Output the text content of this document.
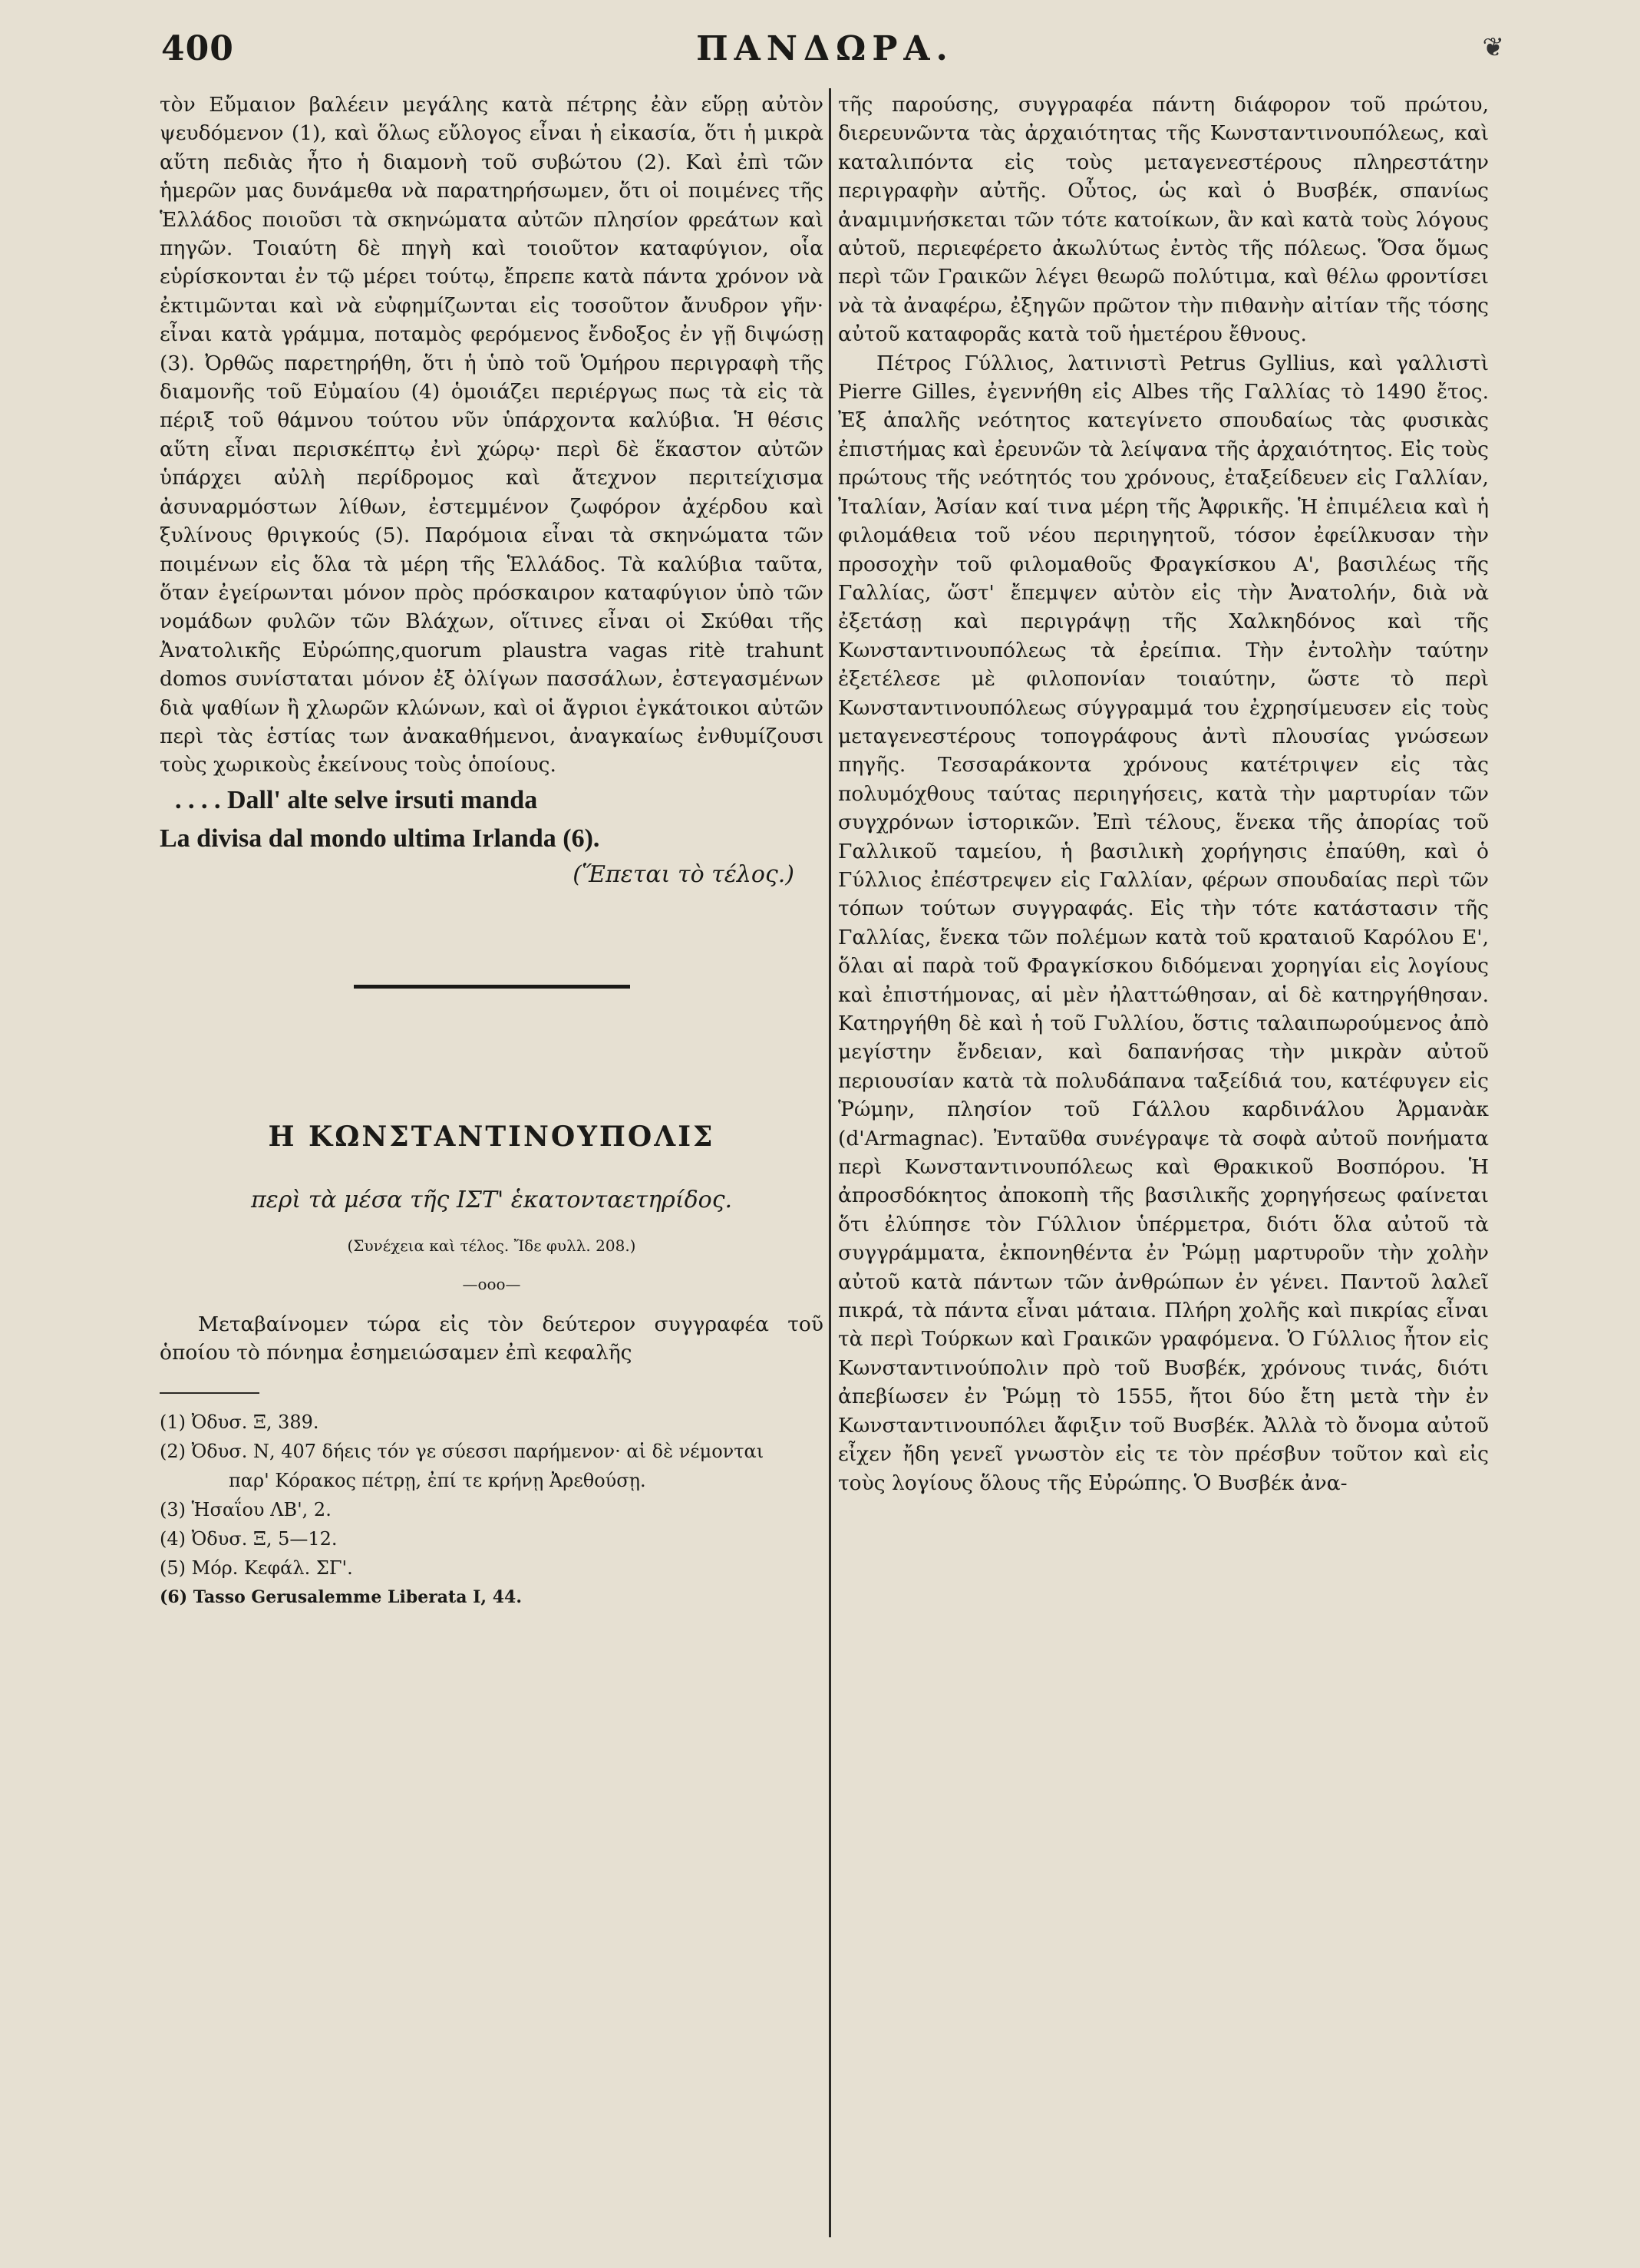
400	ΠΑΝΔΩΡΑ.	❦

τὸν Εὔμαιον βαλέειν μεγάλης κατὰ πέτρης ἐὰν εὕρῃ αὐτὸν ψευδόμενον (1), καὶ ὅλως εὔλογος εἶναι ἡ εἰκασία, ὅτι ἡ μικρὰ αὕτη πεδιὰς ἦτο ἡ διαμονὴ τοῦ συβώτου (2). Καὶ ἐπὶ τῶν ἡμερῶν μας δυνάμεθα νὰ παρατηρήσωμεν, ὅτι οἱ ποιμένες τῆς Ἑλλάδος ποιοῦσι τὰ σκηνώματα αὐτῶν πλησίον φρεάτων καὶ πηγῶν. Τοιαύτη δὲ πηγὴ καὶ τοιοῦτον καταφύγιον, οἷα εὑρίσκονται ἐν τῷ μέρει τούτῳ, ἔπρεπε κατὰ πάντα χρόνον νὰ ἐκτιμῶνται καὶ νὰ εὐφημίζωνται εἰς τοσοῦτον ἄνυδρον γῆν· εἶναι κατὰ γράμμα, ποταμὸς φερόμενος ἔνδοξος ἐν γῇ διψώσῃ (3). Ὀρθῶς παρετηρήθη, ὅτι ἡ ὑπὸ τοῦ Ὁμήρου περιγραφὴ τῆς διαμονῆς τοῦ Εὐμαίου (4) ὁμοιάζει περιέργως πως τὰ εἰς τὰ πέριξ τοῦ θάμνου τούτου νῦν ὑπάρχοντα καλύβια. Ἡ θέσις αὕτη εἶναι περισκέπτῳ ἐνὶ χώρῳ· περὶ δὲ ἕκαστον αὐτῶν ὑπάρχει αὐλὴ περίδρομος καὶ ἄτεχνον περιτείχισμα ἀσυναρμόστων λίθων, ἐστεμμένον ζωφόρον ἀχέρδου καὶ ξυλίνους θριγκούς (5). Παρόμοια εἶναι τὰ σκηνώματα τῶν ποιμένων εἰς ὅλα τὰ μέρη τῆς Ἑλλάδος. Τὰ καλύβια ταῦτα, ὅταν ἐγείρωνται μόνον πρὸς πρόσκαιρον καταφύγιον ὑπὸ τῶν νομάδων φυλῶν τῶν Βλάχων, οἵτινες εἶναι οἱ Σκύθαι τῆς Ἀνατολικῆς Εὐρώπης,quorum plaustra vagas ritè trahunt domos συνίσταται μόνον ἐξ ὀλίγων πασσάλων, ἐστεγασμένων διὰ ψαθίων ἢ χλωρῶν κλώνων, καὶ οἱ ἄγριοι ἐγκάτοικοι αὐτῶν περὶ τὰς ἑστίας των ἀνακαθήμενοι, ἀναγκαίως ἐνθυμίζουσι τοὺς χωρικοὺς ἐκείνους τοὺς ὁποίους.

. . . . Dall' alte selve irsuti manda

La divisa dal mondo ultima Irlanda (6).

(Ἕπεται τὸ τέλος.)

Η ΚΩΝΣΤΑΝΤΙΝΟΥΠΟΛΙΣ

περὶ τὰ μέσα τῆς ΙΣΤ' ἑκατονταετηρίδος.

(Συνέχεια καὶ τέλος. Ἴδε φυλλ. 208.)

—ooo—

Μεταβαίνομεν τώρα εἰς τὸν δεύτερον συγγραφέα τοῦ ὁποίου τὸ πόνημα ἐσημειώσαμεν ἐπὶ κεφαλῆς

(1) Ὀδυσ. Ξ, 389.

(2) Ὀδυσ. Ν, 407 δήεις τόν γε σύεσσι παρήμενον· αἱ δὲ νέμονται

παρ' Κόρακος πέτρῃ, ἐπί τε κρήνῃ Ἀρεθούσῃ.

(3) Ἡσαΐου ΛΒ', 2.

(4) Ὀδυσ. Ξ, 5—12.

(5) Μόρ. Κεφάλ. ΣΓ'.

(6) Tasso Gerusalemme Liberata I, 44.

τῆς παρούσης, συγγραφέα πάντη διάφορον τοῦ πρώτου, διερευνῶντα τὰς ἀρχαιότητας τῆς Κωνσταντινουπόλεως, καὶ καταλιπόντα εἰς τοὺς μεταγενεστέρους πληρεστάτην περιγραφὴν αὐτῆς. Οὗτος, ὡς καὶ ὁ Βυσβέκ, σπανίως ἀναμιμνήσκεται τῶν τότε κατοίκων, ἂν καὶ κατὰ τοὺς λόγους αὐτοῦ, περιεφέρετο ἀκωλύτως ἐντὸς τῆς πόλεως. Ὅσα ὅμως περὶ τῶν Γραικῶν λέγει θεωρῶ πολύτιμα, καὶ θέλω φροντίσει νὰ τὰ ἀναφέρω, ἐξηγῶν πρῶτον τὴν πιθανὴν αἰτίαν τῆς τόσης αὐτοῦ καταφορᾶς κατὰ τοῦ ἡμετέρου ἔθνους.

Πέτρος Γύλλιος, λατινιστὶ Petrus Gyllius, καὶ γαλλιστὶ Pierre Gilles, ἐγεννήθη εἰς Albes τῆς Γαλλίας τὸ 1490 ἔτος. Ἐξ ἁπαλῆς νεότητος κατεγίνετο σπουδαίως τὰς φυσικὰς ἐπιστήμας καὶ ἐρευνῶν τὰ λείψανα τῆς ἀρχαιότητος. Εἰς τοὺς πρώτους τῆς νεότητός του χρόνους, ἐταξείδευεν εἰς Γαλλίαν, Ἰταλίαν, Ἀσίαν καί τινα μέρη τῆς Ἀφρικῆς. Ἡ ἐπιμέλεια καὶ ἡ φιλομάθεια τοῦ νέου περιηγητοῦ, τόσον ἐφείλκυσαν τὴν προσοχὴν τοῦ φιλομαθοῦς Φραγκίσκου Α', βασιλέως τῆς Γαλλίας, ὥστ' ἔπεμψεν αὐτὸν εἰς τὴν Ἀνατολήν, διὰ νὰ ἐξετάσῃ καὶ περιγράψῃ τῆς Χαλκηδόνος καὶ τῆς Κωνσταντινουπόλεως τὰ ἐρείπια. Τὴν ἐντολὴν ταύτην ἐξετέλεσε μὲ φιλοπονίαν τοιαύτην, ὥστε τὸ περὶ Κωνσταντινουπόλεως σύγγραμμά του ἐχρησίμευσεν εἰς τοὺς μεταγενεστέρους τοπογράφους ἀντὶ πλουσίας γνώσεων πηγῆς. Τεσσαράκοντα χρόνους κατέτριψεν εἰς τὰς πολυμόχθους ταύτας περιηγήσεις, κατὰ τὴν μαρτυρίαν τῶν συγχρόνων ἱστορικῶν. Ἐπὶ τέλους, ἕνεκα τῆς ἀπορίας τοῦ Γαλλικοῦ ταμείου, ἡ βασιλικὴ χορήγησις ἐπαύθη, καὶ ὁ Γύλλιος ἐπέστρεψεν εἰς Γαλλίαν, φέρων σπουδαίας περὶ τῶν τόπων τούτων συγγραφάς. Εἰς τὴν τότε κατάστασιν τῆς Γαλλίας, ἕνεκα τῶν πολέμων κατὰ τοῦ κραταιοῦ Καρόλου Ε', ὅλαι αἱ παρὰ τοῦ Φραγκίσκου διδόμεναι χορηγίαι εἰς λογίους καὶ ἐπιστήμονας, αἱ μὲν ἠλαττώθησαν, αἱ δὲ κατηργήθησαν. Κατηργήθη δὲ καὶ ἡ τοῦ Γυλλίου, ὅστις ταλαιπωρούμενος ἀπὸ μεγίστην ἔνδειαν, καὶ δαπανήσας τὴν μικρὰν αὐτοῦ περιουσίαν κατὰ τὰ πολυδάπανα ταξείδιά του, κατέφυγεν εἰς Ῥώμην, πλησίον τοῦ Γάλλου καρδινάλου Ἀρμανὰκ (d'Armagnac). Ἐνταῦθα συνέγραψε τὰ σοφὰ αὐτοῦ πονήματα περὶ Κωνσταντινουπόλεως καὶ Θρακικοῦ Βοσπόρου. Ἡ ἀπροσδόκητος ἀποκοπὴ τῆς βασιλικῆς χορηγήσεως φαίνεται ὅτι ἐλύπησε τὸν Γύλλιον ὑπέρμετρα, διότι ὅλα αὐτοῦ τὰ συγγράμματα, ἐκπονηθέντα ἐν Ῥώμῃ μαρτυροῦν τὴν χολὴν αὐτοῦ κατὰ πάντων τῶν ἀνθρώπων ἐν γένει. Παντοῦ λαλεῖ πικρά, τὰ πάντα εἶναι μάταια. Πλήρη χολῆς καὶ πικρίας εἶναι τὰ περὶ Τούρκων καὶ Γραικῶν γραφόμενα. Ὁ Γύλλιος ἦτον εἰς Κωνσταντινούπολιν πρὸ τοῦ Βυσβέκ, χρόνους τινάς, διότι ἀπεβίωσεν ἐν Ῥώμῃ τὸ 1555, ἤτοι δύο ἔτη μετὰ τὴν ἐν Κωνσταντινουπόλει ἄφιξιν τοῦ Βυσβέκ. Ἀλλὰ τὸ ὄνομα αὐτοῦ εἶχεν ἤδη γενεῖ γνωστὸν εἰς τε τὸν πρέσβυν τοῦτον καὶ εἰς τοὺς λογίους ὅλους τῆς Εὐρώπης. Ὁ Βυσβέκ ἀνα-
